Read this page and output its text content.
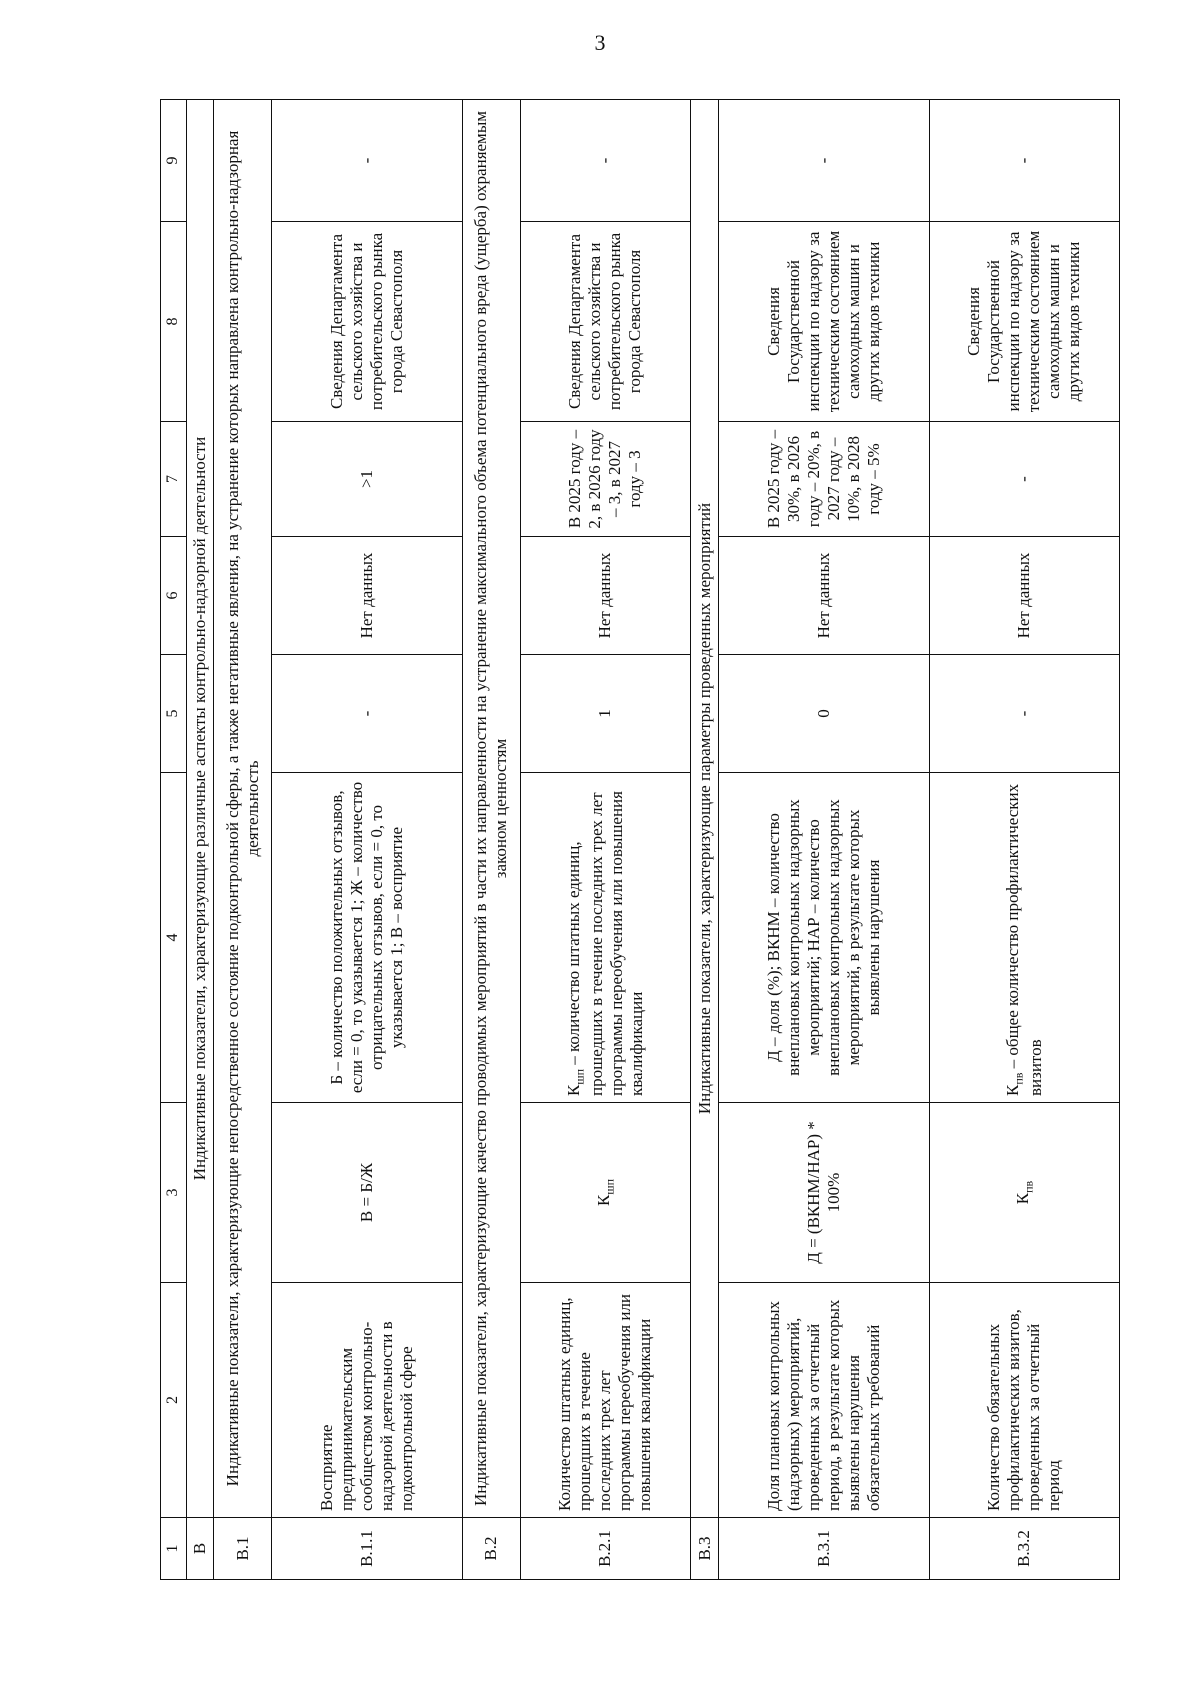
3
1	2	3	4	5	6	7	8	9
В	Индикативные показатели, характеризующие различные аспекты контрольно-надзорной деятельности							
В.1	Индикативные показатели, характеризующие непосредственное состояние подконтрольной сферы, а также негативные явления, на устранение которых направлена контрольно-надзорная деятельность							
В.1.1	Восприятие предпринимательским сообществом контрольно-надзорной деятельности в подконтрольной сфере	В = Б/Ж	Б – количество положительных отзывов, если = 0, то указывается 1; Ж – количество отрицательных отзывов, если = 0, то указывается 1; В – восприятие	-	Нет данных	>1	Сведения Департамента сельского хозяйства и потребительского рынка города Севастополя	-
В.2	Индикативные показатели, характеризующие качество проводимых мероприятий в части их направленности на устранение максимального объема потенциального вреда (ущерба) охраняемым законом ценностям							
В.2.1	Количество штатных единиц, прошедших в течение последних трех лет программы переобучения или повышения квалификации	$К_{шп}$	$К_{шп}$ – количество штатных единиц, прошедших в течение последних трех лет программы переобучения или повышения квалификации	1	Нет данных	В 2025 году – 2, в 2026 году – 3, в 2027 году – 3	Сведения Департамента сельского хозяйства и потребительского рынка города Севастополя	-
В.3	Индикативные показатели, характеризующие параметры проведенных мероприятий							
В.3.1	Доля плановых контрольных (надзорных) мероприятий, проведенных за отчетный период, в результате которых выявлены нарушения обязательных требований	Д = (ВКНМ/НАР) * 100%	Д – доля (%); ВКНМ – количество внеплановых контрольных надзорных мероприятий; НАР – количество внеплановых контрольных надзорных мероприятий, в результате которых выявлены нарушения	0	Нет данных	В 2025 году – 30%, в 2026 году – 20%, в 2027 году – 10%, в 2028 году – 5%	Сведения Государственной инспекции по надзору за техническим состоянием самоходных машин и других видов техники	-
В.3.2	Количество обязательных профилактических визитов, проведенных за отчетный период	$К_{пв}$	$К_{пв}$ – общее количество профилактических визитов	-	Нет данных	-	Сведения Государственной инспекции по надзору за техническим состоянием самоходных машин и других видов техники	-
